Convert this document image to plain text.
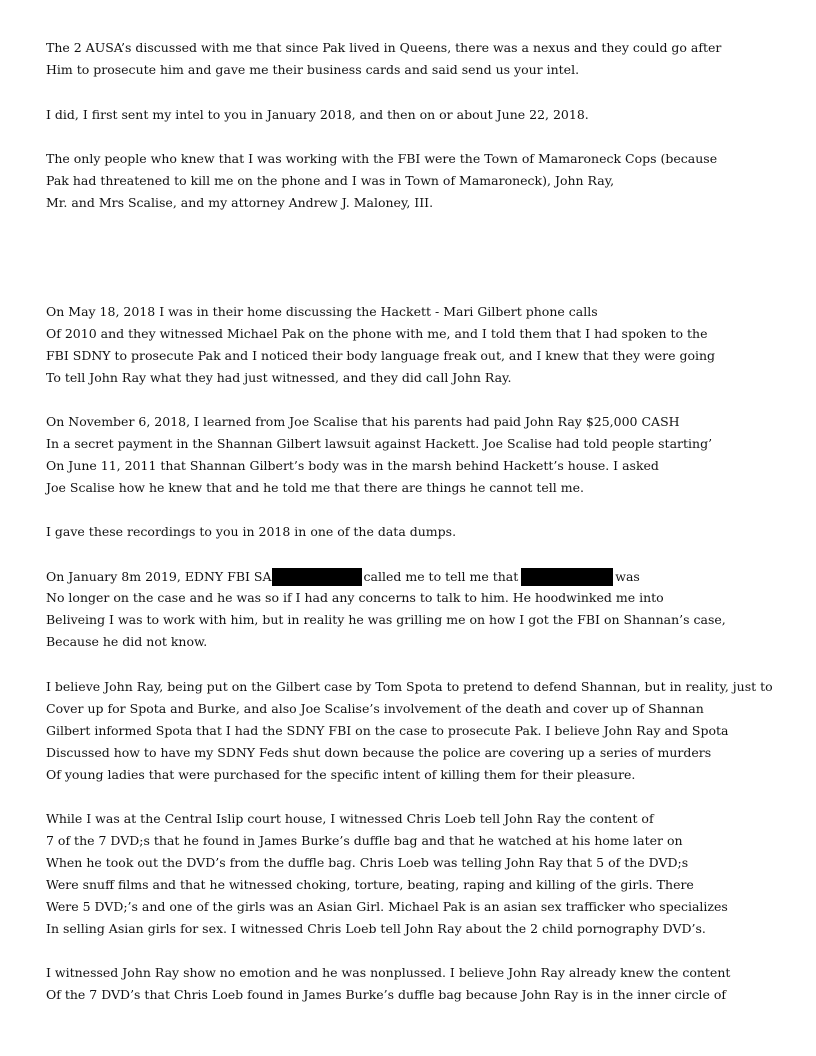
The 2 AUSA’s discussed with me that since Pak lived in Queens, there was a nexus and they could go after
Him to prosecute him and gave me their business cards and said send us your intel.
I did, I first sent my intel to you in January 2018, and then on or about June 22, 2018.
The only people who knew that I was working with the FBI were the Town of Mamaroneck Cops (because
Pak had threatened to kill me on the phone and I was in Town of Mamaroneck), John Ray,
Mr. and Mrs Scalise, and my attorney Andrew J. Maloney, III.
On May 18, 2018 I was in their home discussing the Hackett - Mari Gilbert phone calls
Of 2010 and they witnessed Michael Pak on the phone with me, and I told them that I had spoken to the
FBI SDNY to prosecute Pak and I noticed their body language freak out, and I knew that they were going
To tell John Ray what they had just witnessed, and they did call John Ray.
On November 6, 2018, I learned from Joe Scalise that his parents had paid John Ray $25,000 CASH
In a secret payment in the Shannan Gilbert lawsuit against Hackett. Joe Scalise had told people starting’
On June 11, 2011 that Shannan Gilbert’s body was in the marsh behind Hackett’s house. I asked
Joe Scalise how he knew that and he told me that there are things he cannot tell me.
I gave these recordings to you in 2018 in one of the data dumps.
On January 8m 2019, EDNY FBI SA	called me to tell me that	was
No longer on the case and he was so if I had any concerns to talk to him. He hoodwinked me into
Beliveing I was to work with him, but in reality he was grilling me on how I got the FBI on Shannan’s case,
Because he did not know.
I believe John Ray, being put on the Gilbert case by Tom Spota to pretend to defend Shannan, but in reality, just to
Cover up for Spota and Burke, and also Joe Scalise’s involvement of the death and cover up of Shannan
Gilbert informed Spota that I had the SDNY FBI on the case to prosecute Pak. I believe John Ray and Spota
Discussed how to have my SDNY Feds shut down because the police are covering up a series of murders
Of young ladies that were purchased for the specific intent of killing them for their pleasure.
While I was at the Central Islip court house, I witnessed Chris Loeb tell John Ray the content of
7 of the 7 DVD;s that he found in James Burke’s duffle bag and that he watched at his home later on
When he took out the DVD’s from the duffle bag. Chris Loeb was telling John Ray that 5 of the DVD;s
Were snuff films and that he witnessed choking, torture, beating, raping and killing of the girls. There
Were 5 DVD;’s and one of the girls was an Asian Girl. Michael Pak is an asian sex trafficker who specializes
In selling Asian girls for sex. I witnessed Chris Loeb tell John Ray about the 2 child pornography DVD’s.
I witnessed John Ray show no emotion and he was nonplussed. I believe John Ray already knew the content
Of the 7 DVD’s that Chris Loeb found in James Burke’s duffle bag because John Ray is in the inner circle of
